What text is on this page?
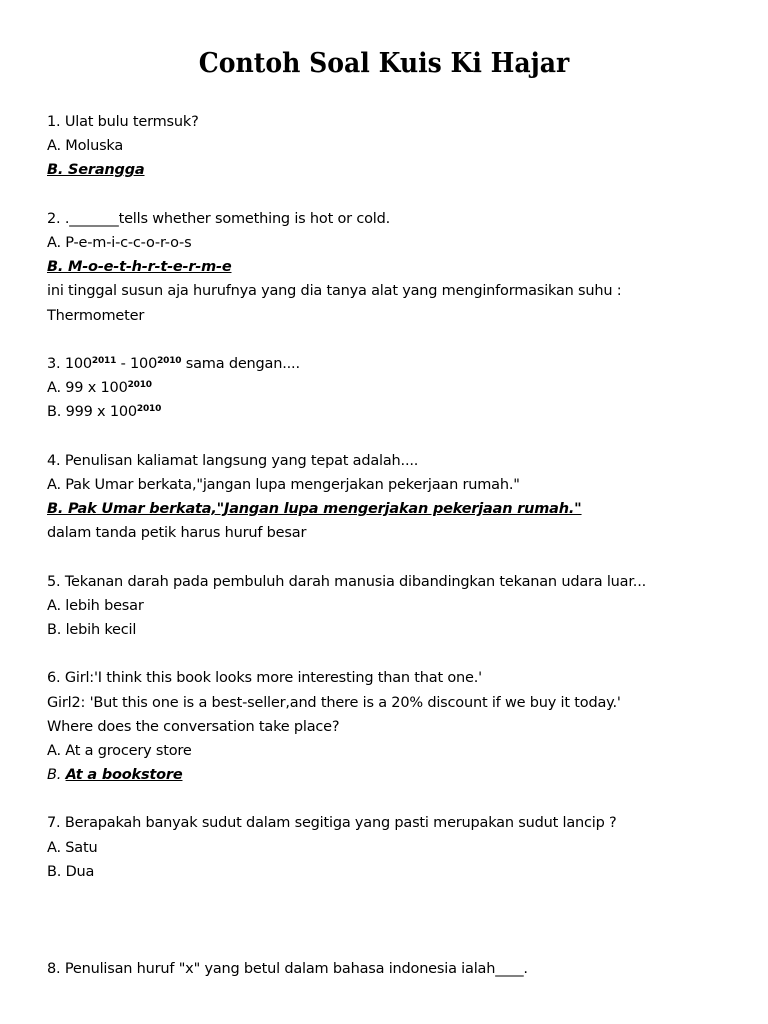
Contoh Soal Kuis Ki Hajar
1. Ulat bulu termsuk?
A. Moluska
B. Serangga
2. ._______tells whether something is hot or cold.
A. P-e-m-i-c-c-o-r-o-s
B. M-o-e-t-h-r-t-e-r-m-e
ini tinggal susun aja hurufnya yang dia tanya alat yang menginformasikan suhu :
Thermometer
3. $100^{2011} - 100^{2010}$ sama dengan....
A. 99 x $100^{2010}$
B. 999 x $100^{2010}$
4. Penulisan kaliamat langsung yang tepat adalah....
A. Pak Umar berkata,"jangan lupa mengerjakan pekerjaan rumah."
B. Pak Umar berkata,"Jangan lupa mengerjakan pekerjaan rumah."
dalam tanda petik harus huruf besar
5. Tekanan darah pada pembuluh darah manusia dibandingkan tekanan udara luar...
A. lebih besar
B. lebih kecil
6. Girl:'I think this book looks more interesting than that one.'
Girl2: 'But this one is a best-seller,and there is a 20% discount if we buy it today.'
Where does the conversation take place?
A. At a grocery store
B. At a bookstore
7. Berapakah banyak sudut dalam segitiga yang pasti merupakan sudut lancip ?
A. Satu
B. Dua
8. Penulisan huruf "x" yang betul dalam bahasa indonesia ialah____.
